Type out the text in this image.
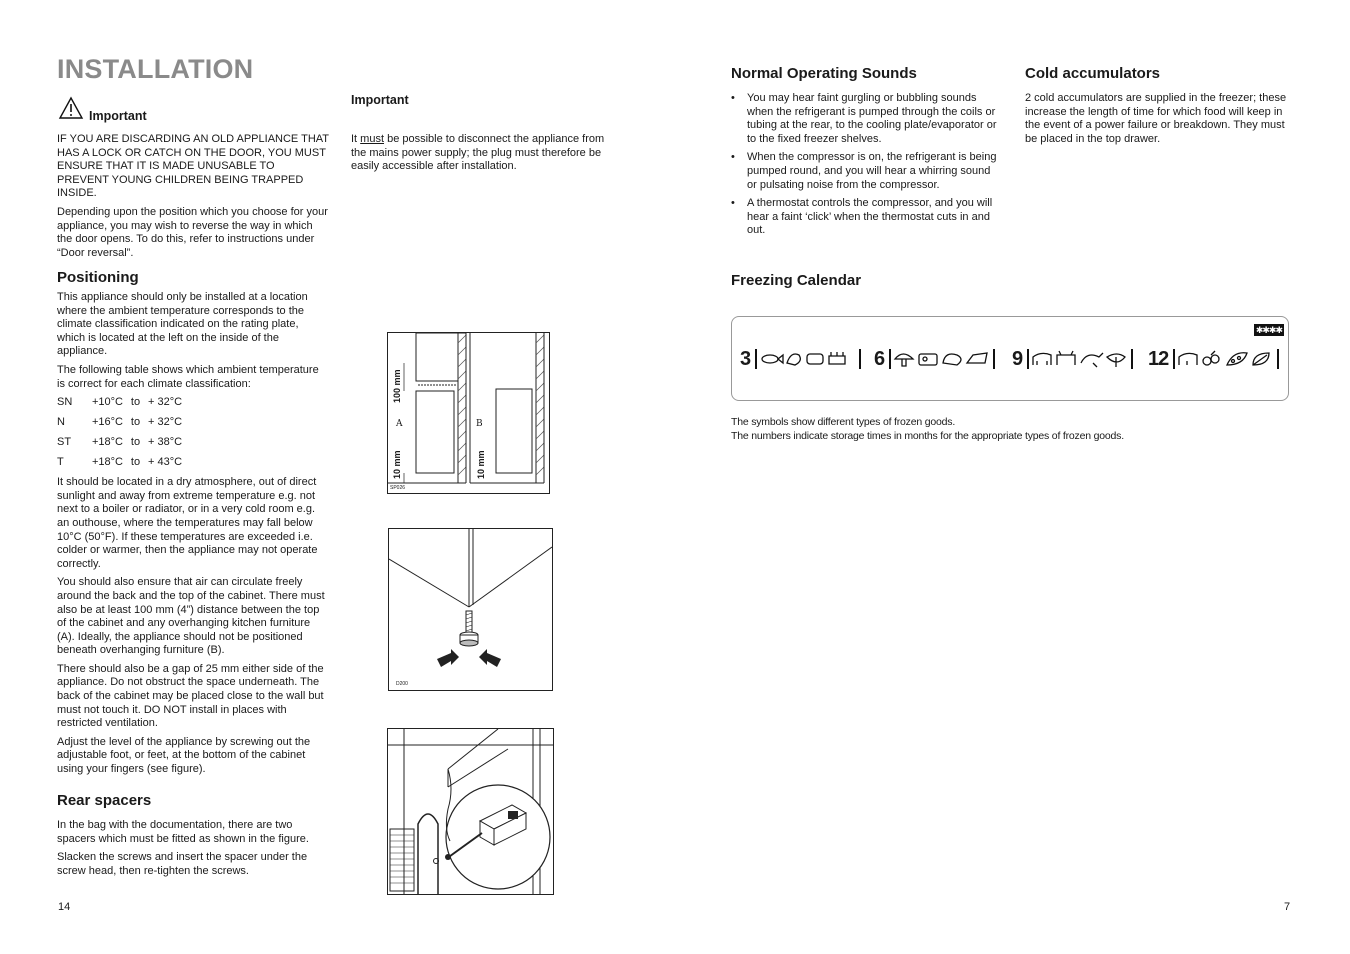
INSTALLATION
Important

IF YOU ARE DISCARDING AN OLD APPLIANCE THAT HAS A LOCK OR CATCH ON THE DOOR, YOU MUST ENSURE THAT IT IS MADE UNUSABLE TO PREVENT YOUNG CHILDREN BEING TRAPPED INSIDE.

Depending upon the position which you choose for your appliance, you may wish to reverse the way in which the door opens. To do this, refer to instructions under “Door reversal”.

Positioning

This appliance should only be installed at a location where the ambient temperature corresponds to the climate classification indicated on the rating plate, which is located at the left on the inside of the appliance.

The following table shows which ambient temperature is correct for each climate classification:

SN	+10°C to + 32°C
N	+16°C to + 32°C
ST	+18°C to + 38°C
T	+18°C to + 43°C

It should be located in a dry atmosphere, out of direct sunlight and away from extreme temperature e.g. not next to a boiler or radiator, or in a very cold room e.g. an outhouse, where the temperatures may fall below 10°C (50°F). If these temperatures are exceeded i.e. colder or warmer, then the appliance may not operate correctly.

You should also ensure that air can circulate freely around the back and the top of the cabinet. There must also be at least 100 mm (4”) distance between the top of the cabinet and any overhanging kitchen furniture (A). Ideally, the appliance should not be positioned beneath overhanging furniture (B).

There should also be a gap of 25 mm either side of the appliance. Do not obstruct the space underneath. The back of the cabinet may be placed close to the wall but must not touch it. DO NOT install in places with restricted ventilation.

Adjust the level of the appliance by screwing out the adjustable foot, or feet, at the bottom of the cabinet using your fingers (see figure).

Rear spacers

In the bag with the documentation, there are two spacers which must be fitted as shown in the figure.

Slacken the screws and insert the spacer under the screw head, then re-tighten the screws.

14
Important
It must be possible to disconnect the appliance from the mains power supply; the plug must therefore be easily accessible after installation.
100 mm
10 mm	10 mm
A	B
SP026
D200
Normal Operating Sounds
• You may hear faint gurgling or bubbling sounds when the refrigerant is pumped through the coils or tubing at the rear, to the cooling plate/evaporator or to the fixed freezer shelves.
• When the compressor is on, the refrigerant is being pumped round, and you will hear a whirring sound or pulsating noise from the compressor.
• A thermostat controls the compressor, and you will hear a faint ‘click’ when the thermostat cuts in and out.
Cold accumulators
2 cold accumulators are supplied in the freezer; these increase the length of time for which food will keep in the event of a power failure or breakdown. They must be placed in the top drawer.
Freezing Calendar
✱✱✱✱
3	6	9	12
The symbols show different types of frozen goods.
The numbers indicate storage times in months for the appropriate types of frozen goods.
7
